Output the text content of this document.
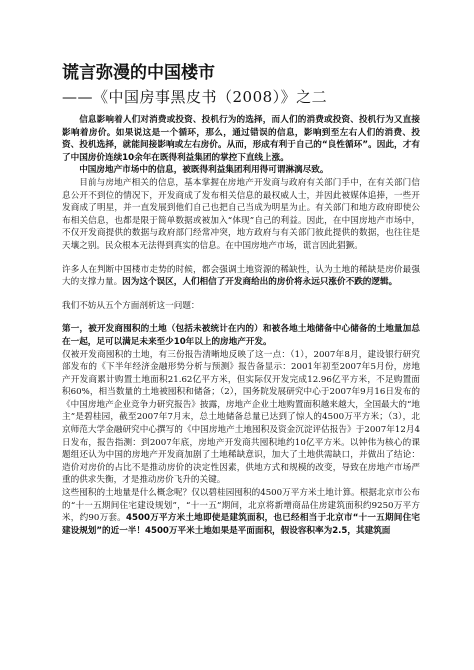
谎言弥漫的中国楼市
——《中国房事黑皮书（2008）》之二

信息影响着人们对消费或投资、投机行为的选择，而人们的消费或投资、投机行为又直接影响着房价。如果说这是一个循环，那么，通过错误的信息，影响到至左右人们的消费、投资、投机选择，就能间接影响或左右房价。从而，形成有利于自己的“良性循环”。因此，才有了中国房价连续10余年在既得利益集团的掌控下直线上涨。

中国房地产市场中的信息，被既得利益集团利用得可谓淋漓尽致。

目前与房地产相关的信息，基本掌握在房地产开发商与政府有关部门手中，在有关部门信息公开不到位的情况下，开发商成了发布相关信息的最权威人士，并因此被媒体追捧，一些开发商成了明星，并一直发展到他们自己也把自己当成为明星为止。有关部门和地方政府即使公布相关信息，也都是限于简单数据或被加入“体现”自己的利益。因此，在中国房地产市场中，不仅开发商提供的数据与政府部门经常冲突，地方政府与有关部门彼此提供的数据，也往往是天壤之别。民众根本无法得到真实的信息。在中国房地产市场，谎言因此猖獗。

许多人在判断中国楼市走势的时候，都会强调土地资源的稀缺性，认为土地的稀缺是房价最强大的支撑力量。因为这个误区，人们相信了开发商给出的房价将永远只涨价不跌的逻辑。

我们不妨从五个方面剖析这一问题：

第一，被开发商囤积的土地（包括未被统计在内的）和被各地土地储备中心储备的土地量加总在一起，足可以满足未来至少10年以上的房地产开发。

仅被开发商囤积的土地，有三份报告清晰地反映了这一点：（1），2007年8月，建设银行研究部发布的《下半年经济金融形势分析与预测》报告备显示：2001年初至2007年5月份，房地产开发商累计购置土地面积21.62亿平方米，但实际仅开发完成12.96亿平方米，不足购置面积60%，相当数量的土地被囤积和储备；（2），国务院发展研究中心于2007年9月16日发布的《中国房地产企业竞争力研究报告》披露，房地产企业土地购置面积越来越大，全国最大的“地主”是碧桂园，截至2007年7月末，总土地储备总量已达到了惊人的4500万平方米；（3），北京师范大学金融研究中心撰写的《中国房地产土地囤积及资金沉淀评估报告》于2007年12月4日发布，报告指测：到2007年底，房地产开发商共囤积地约10亿平方米。以钟伟为核心的课题组还认为中国的房地产开发商加剧了土地稀缺意识，加大了土地供需缺口，并做出了结论：造价对房价的占比不是推动房价的决定性因素，供地方式和规模的改变，导致在房地产市场严重的供求失衡，才是推动房价飞升的关键。

这些囤积的土地量是什么概念呢？仅以碧桂园囤积的4500万平方米土地计算。根据北京市公布的“十一五期间住宅建设规划”，“十一五”期间，北京将新增商品住房建筑面积约9250万平方米，约90万套。4500万平方米土地即使是建筑面积，也已经相当于北京市“十一五期间住宅建设规划”的近一半！4500万平米土地如果是平面面积，假设容积率为2.5，其建筑面
